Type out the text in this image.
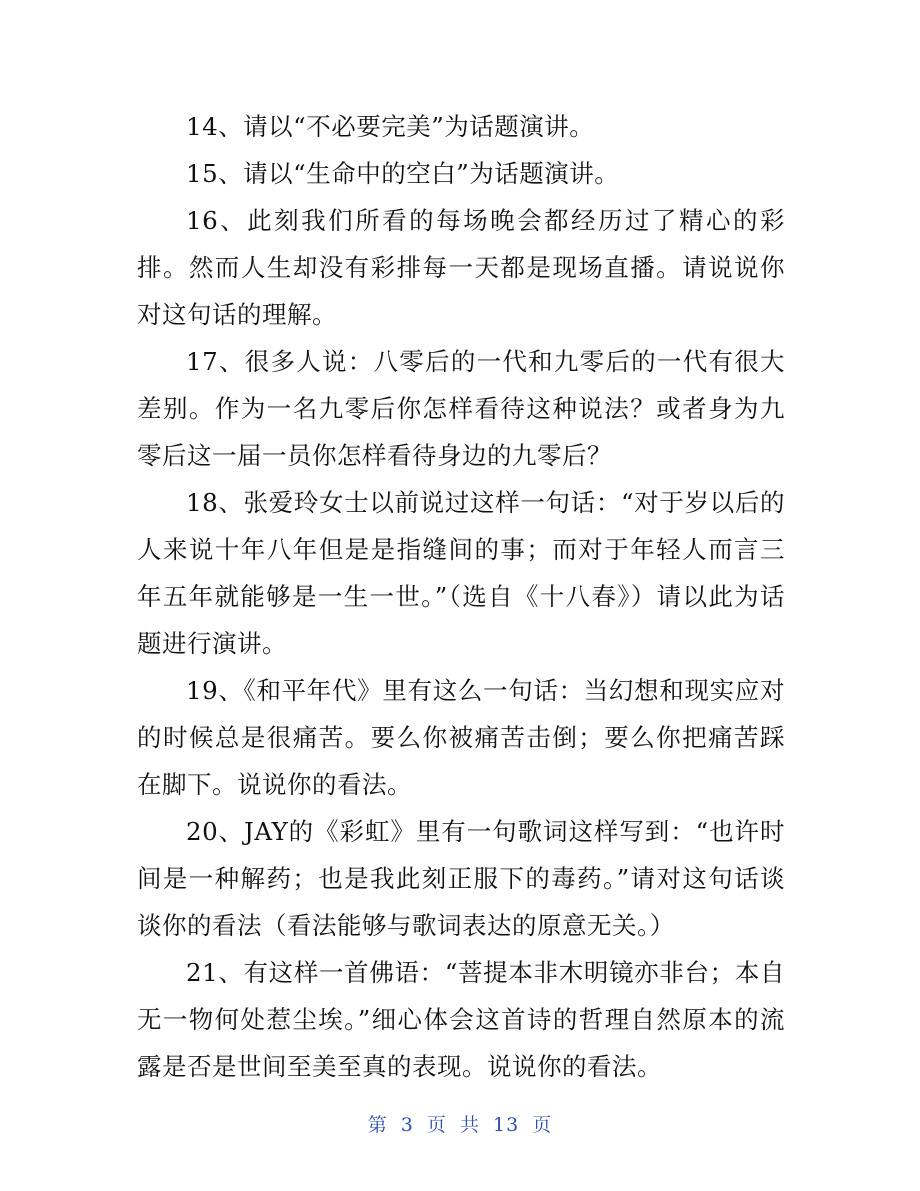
14、请以“不必要完美”为话题演讲。

15、请以“生命中的空白”为话题演讲。

16、此刻我们所看的每场晚会都经历过了精心的彩排。然而人生却没有彩排每一天都是现场直播。请说说你对这句话的理解。

17、很多人说：八零后的一代和九零后的一代有很大差别。作为一名九零后你怎样看待这种说法？或者身为九零后这一届一员你怎样看待身边的九零后？

18、张爱玲女士以前说过这样一句话：“对于岁以后的人来说十年八年但是是指缝间的事；而对于年轻人而言三年五年就能够是一生一世。”（选自《十八春》）请以此为话题进行演讲。

19、《和平年代》里有这么一句话：当幻想和现实应对的时候总是很痛苦。要么你被痛苦击倒；要么你把痛苦踩在脚下。说说你的看法。

20、JAY的《彩虹》里有一句歌词这样写到：“也许时间是一种解药；也是我此刻正服下的毒药。”请对这句话谈谈你的看法（看法能够与歌词表达的原意无关。）

21、有这样一首佛语：“菩提本非木明镜亦非台；本自无一物何处惹尘埃。”细心体会这首诗的哲理自然原本的流露是否是世间至美至真的表现。说说你的看法。

第 3 页 共 13 页
